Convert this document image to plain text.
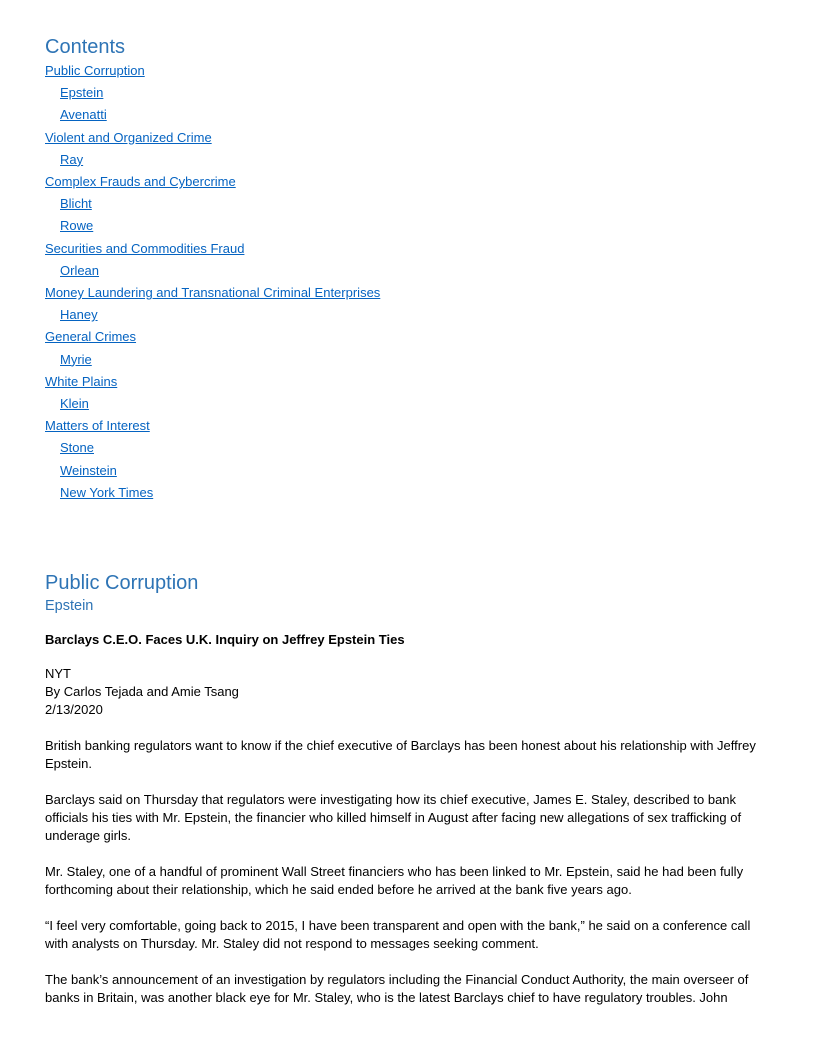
Contents
Public Corruption
Epstein
Avenatti
Violent and Organized Crime
Ray
Complex Frauds and Cybercrime
Blicht
Rowe
Securities and Commodities Fraud
Orlean
Money Laundering and Transnational Criminal Enterprises
Haney
General Crimes
Myrie
White Plains
Klein
Matters of Interest
Stone
Weinstein
New York Times
Public Corruption
Epstein

Barclays C.E.O. Faces U.K. Inquiry on Jeffrey Epstein Ties

NYT
By Carlos Tejada and Amie Tsang
2/13/2020

British banking regulators want to know if the chief executive of Barclays has been honest about his relationship with Jeffrey Epstein.

Barclays said on Thursday that regulators were investigating how its chief executive, James E. Staley, described to bank officials his ties with Mr. Epstein, the financier who killed himself in August after facing new allegations of sex trafficking of underage girls.

Mr. Staley, one of a handful of prominent Wall Street financiers who has been linked to Mr. Epstein, said he had been fully forthcoming about their relationship, which he said ended before he arrived at the bank five years ago.

“I feel very comfortable, going back to 2015, I have been transparent and open with the bank,” he said on a conference call with analysts on Thursday. Mr. Staley did not respond to messages seeking comment.

The bank’s announcement of an investigation by regulators including the Financial Conduct Authority, the main overseer of banks in Britain, was another black eye for Mr. Staley, who is the latest Barclays chief to have regulatory troubles. John
